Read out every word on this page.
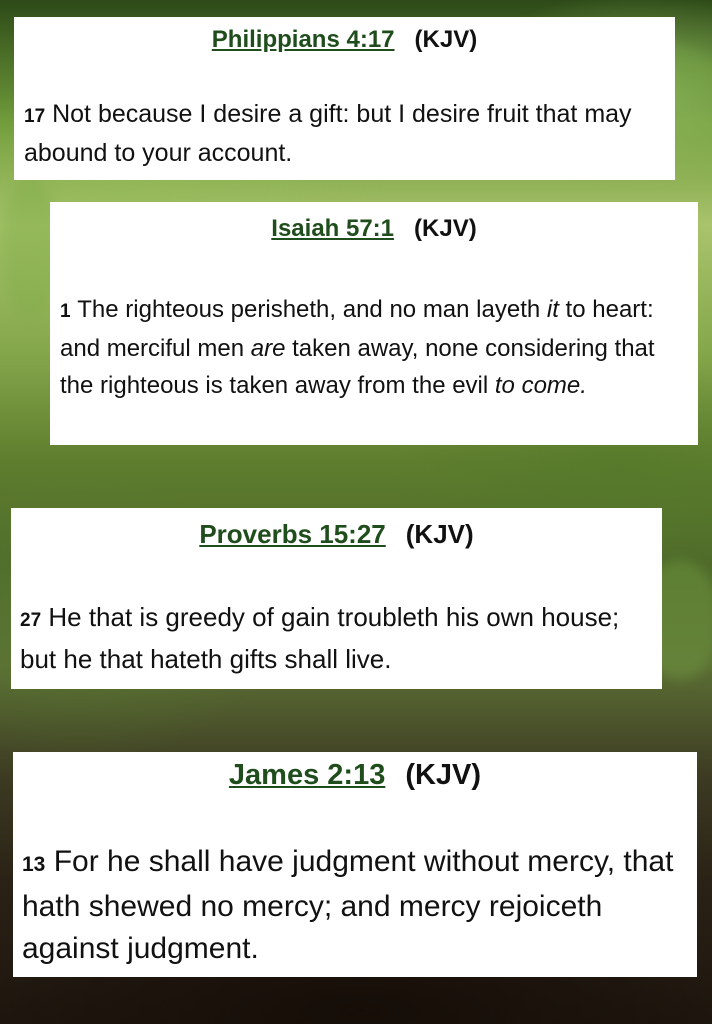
Philippians 4:17 (KJV)
17 Not because I desire a gift: but I desire fruit that may abound to your account.
Isaiah 57:1 (KJV)
1 The righteous perisheth, and no man layeth it to heart: and merciful men are taken away, none considering that the righteous is taken away from the evil to come.
Proverbs 15:27 (KJV)
27 He that is greedy of gain troubleth his own house; but he that hateth gifts shall live.
James 2:13 (KJV)
13 For he shall have judgment without mercy, that hath shewed no mercy; and mercy rejoiceth against judgment.
